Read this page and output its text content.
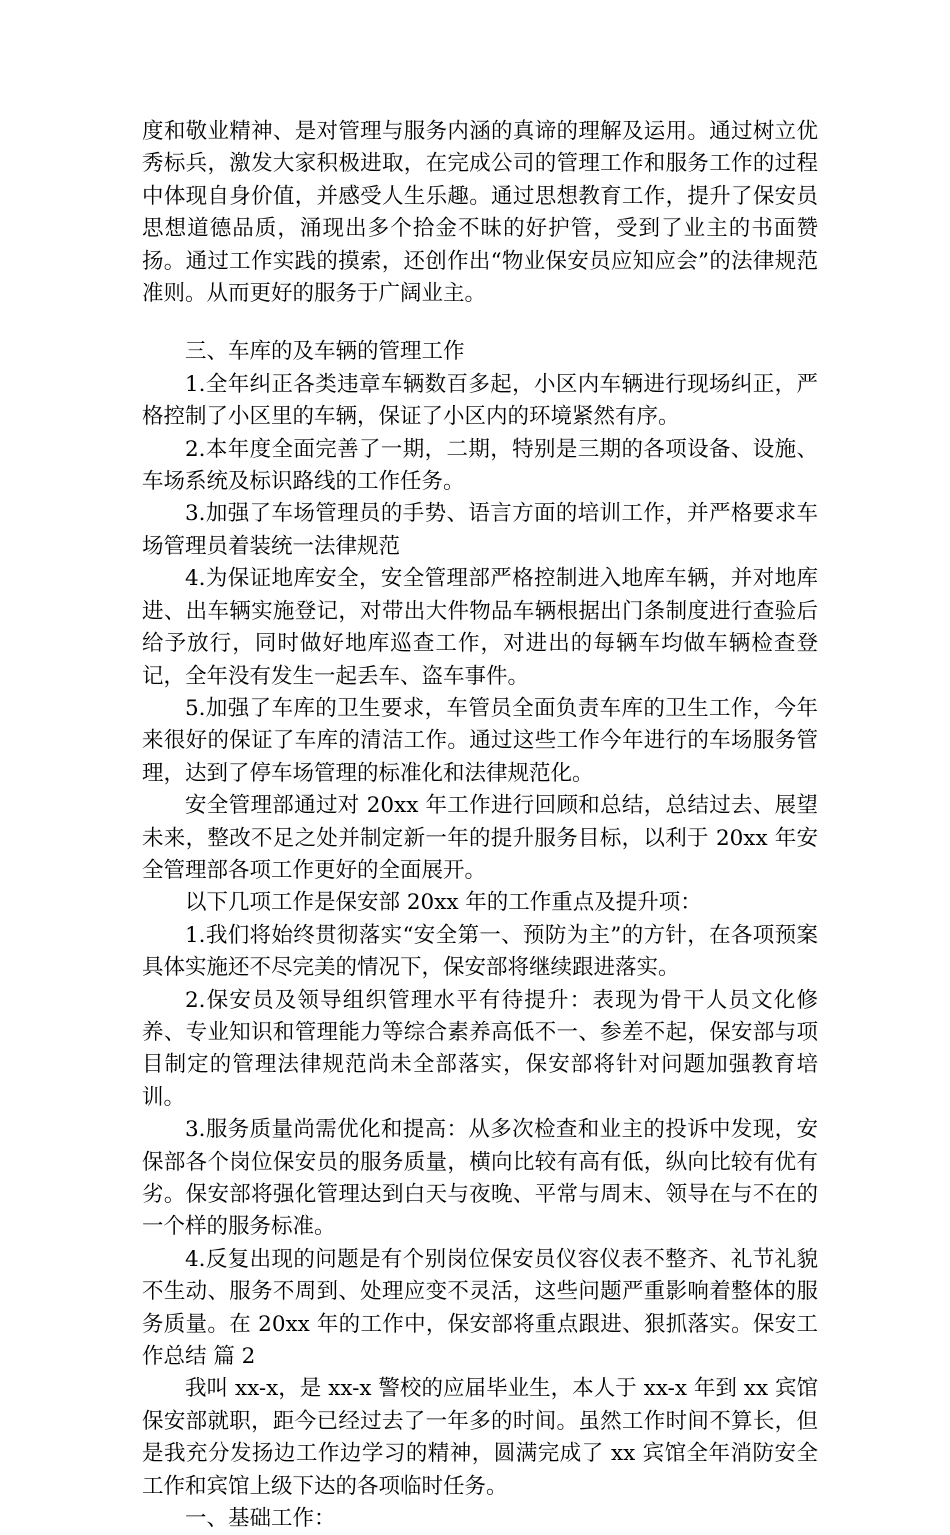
度和敬业精神、是对管理与服务内涵的真谛的理解及运用。通过树立优秀标兵，激发大家积极进取，在完成公司的管理工作和服务工作的过程中体现自身价值，并感受人生乐趣。通过思想教育工作，提升了保安员思想道德品质，涌现出多个拾金不昧的好护管，受到了业主的书面赞扬。通过工作实践的摸索，还创作出“物业保安员应知应会”的法律规范准则。从而更好的服务于广阔业主。

三、车库的及车辆的管理工作

1.全年纠正各类违章车辆数百多起，小区内车辆进行现场纠正，严格控制了小区里的车辆，保证了小区内的环境紧然有序。

2.本年度全面完善了一期，二期，特别是三期的各项设备、设施、车场系统及标识路线的工作任务。

3.加强了车场管理员的手势、语言方面的培训工作，并严格要求车场管理员着装统一法律规范

4.为保证地库安全，安全管理部严格控制进入地库车辆，并对地库进、出车辆实施登记，对带出大件物品车辆根据出门条制度进行查验后给予放行，同时做好地库巡查工作，对进出的每辆车均做车辆检查登记，全年没有发生一起丢车、盗车事件。

5.加强了车库的卫生要求，车管员全面负责车库的卫生工作，今年来很好的保证了车库的清洁工作。通过这些工作今年进行的车场服务管理，达到了停车场管理的标准化和法律规范化。

安全管理部通过对 20xx 年工作进行回顾和总结，总结过去、展望未来，整改不足之处并制定新一年的提升服务目标，以利于 20xx 年安全管理部各项工作更好的全面展开。

以下几项工作是保安部 20xx 年的工作重点及提升项：

1.我们将始终贯彻落实“安全第一、预防为主”的方针，在各项预案具体实施还不尽完美的情况下，保安部将继续跟进落实。

2.保安员及领导组织管理水平有待提升：表现为骨干人员文化修养、专业知识和管理能力等综合素养高低不一、参差不起，保安部与项目制定的管理法律规范尚未全部落实，保安部将针对问题加强教育培训。

3.服务质量尚需优化和提高：从多次检查和业主的投诉中发现，安保部各个岗位保安员的服务质量，横向比较有高有低，纵向比较有优有劣。保安部将强化管理达到白天与夜晚、平常与周末、领导在与不在的一个样的服务标准。

4.反复出现的问题是有个别岗位保安员仪容仪表不整齐、礼节礼貌不生动、服务不周到、处理应变不灵活，这些问题严重影响着整体的服务质量。在 20xx 年的工作中，保安部将重点跟进、狠抓落实。保安工作总结 篇 2

我叫 xx-x，是 xx-x 警校的应届毕业生，本人于 xx-x 年到 xx 宾馆保安部就职，距今已经过去了一年多的时间。虽然工作时间不算长，但是我充分发扬边工作边学习的精神，圆满完成了 xx 宾馆全年消防安全工作和宾馆上级下达的各项临时任务。

一、基础工作：
